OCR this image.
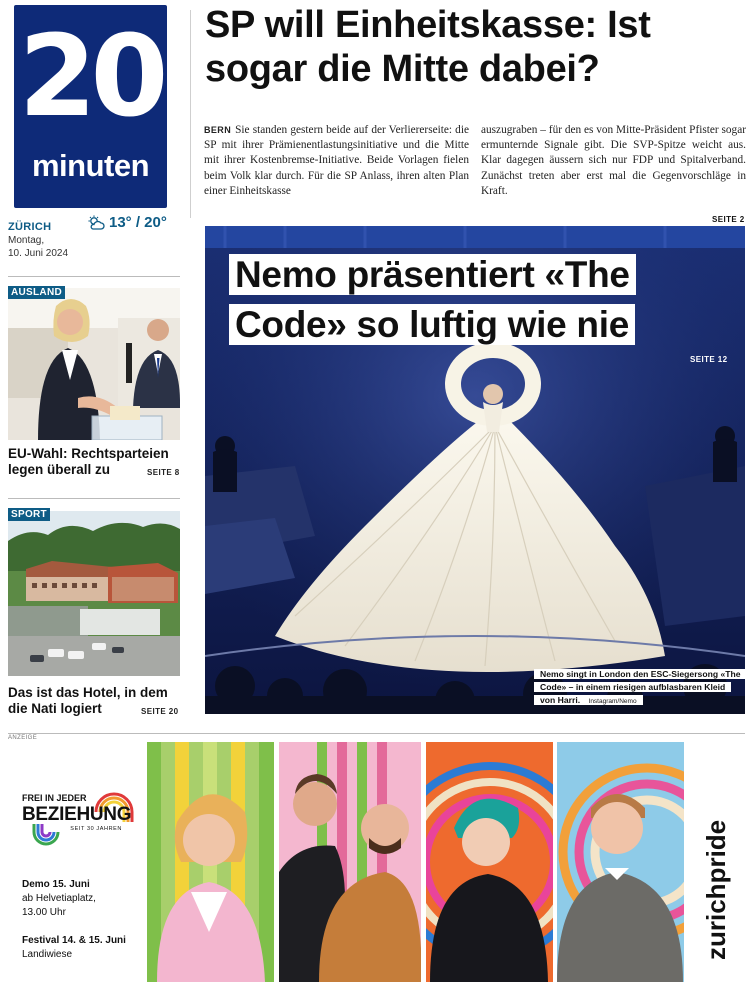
20
minuten
ZÜRICH	13° / 20°
Montag,
10. Juni 2024
AUSLAND
EU-Wahl: Rechtsparteien legen überall zu	SEITE 8
SPORT
Das ist das Hotel, in dem die Nati logiert	SEITE 20
SP will Einheitskasse: Ist sogar die Mitte dabei?
BERN Sie standen gestern beide auf der Verliererseite: die SP mit ihrer Prämienentlastungsinitiative und die Mitte mit ihrer Kostenbremse-Initiative. Beide Vorlagen fielen beim Volk klar durch. Für die SP Anlass, ihren alten Plan einer Einheitskasse
auszugraben – für den es von Mitte-Präsident Pfister sogar ermunternde Signale gibt. Die SVP-Spitze weicht aus. Klar dagegen äussern sich nur FDP und Spitalverband. Zunächst treten aber erst mal die Gegenvorschläge in Kraft.
SEITE 2
Nemo präsentiert «The Code» so luftig wie nie
SEITE 12
Nemo singt in London den ESC-Siegersong «The Code» – in einem riesigen aufblasbaren Kleid von Harri. Instagram/Nemo
ANZEIGE
FREI IN JEDER
BEZIEHUNG
SEIT 30 JAHREN
Demo 15. Juni
ab Helvetiaplatz,
13.00 Uhr
Festival 14. & 15. Juni
Landiwiese	zurichpride
